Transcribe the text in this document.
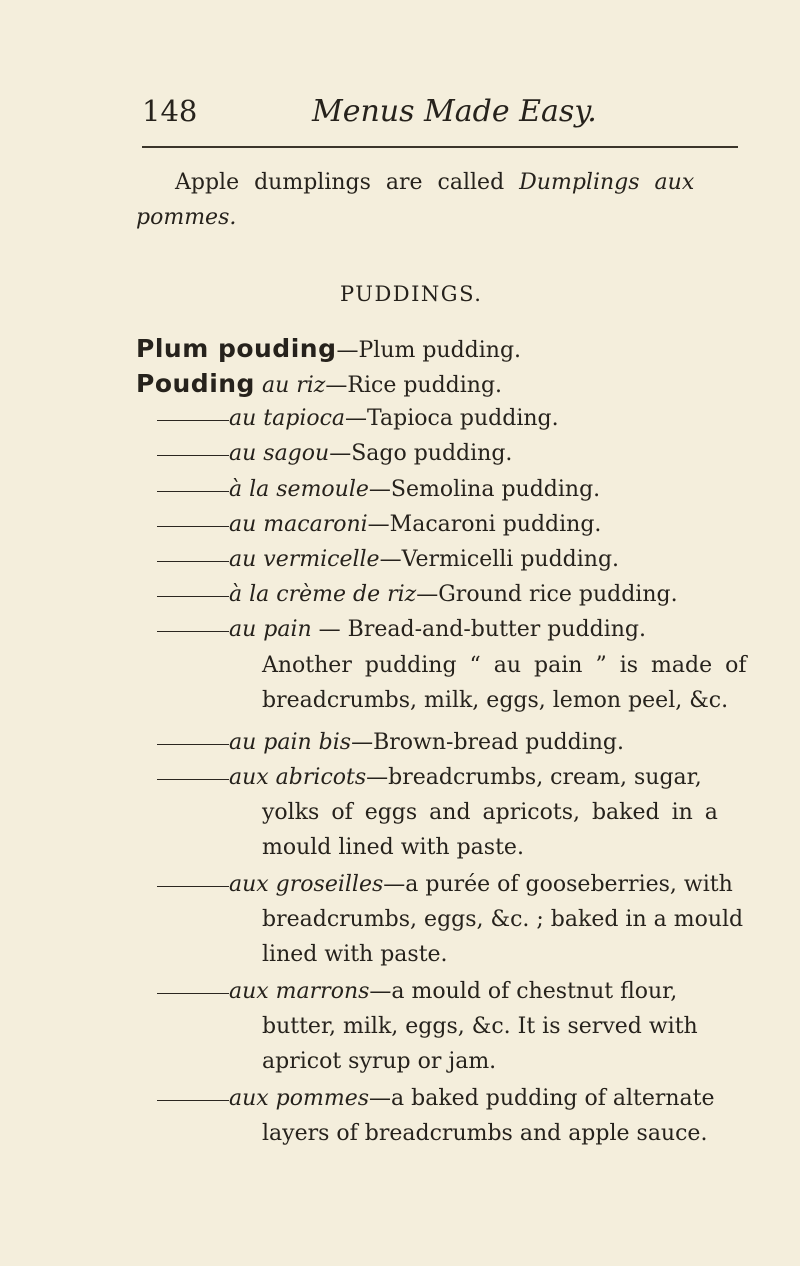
148	Menus Made Easy.
Apple dumplings are called Dumplings aux
pommes.
PUDDINGS.
Plum pouding—Plum pudding.
Pouding au riz—Rice pudding.
au tapioca—Tapioca pudding.
au sagou—Sago pudding.
à la semoule—Semolina pudding.
au macaroni—Macaroni pudding.
au vermicelle—Vermicelli pudding.
à la crème de riz—Ground rice pudding.
au pain — Bread-and-butter pudding.
Another pudding “ au pain ” is made of
breadcrumbs, milk, eggs, lemon peel, &c.
au pain bis—Brown-bread pudding.
aux abricots—breadcrumbs, cream, sugar,
yolks of eggs and apricots, baked in a
mould lined with paste.
aux groseilles—a purée of gooseberries, with
breadcrumbs, eggs, &c. ; baked in a mould
lined with paste.
aux marrons—a mould of chestnut flour,
butter, milk, eggs, &c. It is served with
apricot syrup or jam.
aux pommes—a baked pudding of alternate
layers of breadcrumbs and apple sauce.
